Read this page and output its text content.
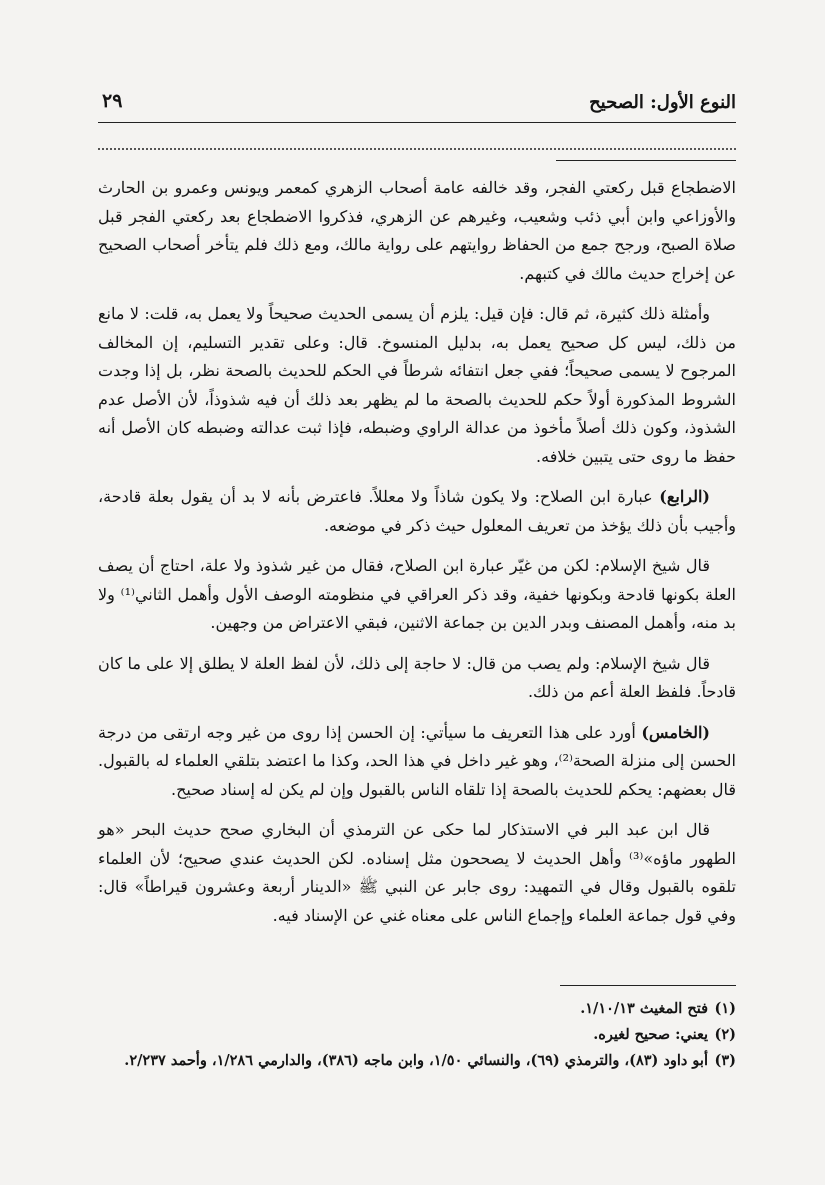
النوع الأول: الصحيح
٢٩

الاضطجاع قبل ركعتي الفجر، وقد خالفه عامة أصحاب الزهري كمعمر ويونس وعمرو بن الحارث والأوزاعي وابن أبي ذئب وشعيب، وغيرهم عن الزهري، فذكروا الاضطجاع بعد ركعتي الفجر قبل صلاة الصبح، ورجح جمع من الحفاظ روايتهم على رواية مالك، ومع ذلك فلم يتأخر أصحاب الصحيح عن إخراج حديث مالك في كتبهم.

وأمثلة ذلك كثيرة، ثم قال: فإن قيل: يلزم أن يسمى الحديث صحيحاً ولا يعمل به، قلت: لا مانع من ذلك، ليس كل صحيح يعمل به، بدليل المنسوخ. قال: وعلى تقدير التسليم، إن المخالف المرجوح لا يسمى صحيحاً؛ ففي جعل انتفائه شرطاً في الحكم للحديث بالصحة نظر، بل إذا وجدت الشروط المذكورة أولاً حكم للحديث بالصحة ما لم يظهر بعد ذلك أن فيه شذوذاً، لأن الأصل عدم الشذوذ، وكون ذلك أصلاً مأخوذ من عدالة الراوي وضبطه، فإذا ثبت عدالته وضبطه كان الأصل أنه حفظ ما روى حتى يتبين خلافه.

(الرابع) عبارة ابن الصلاح: ولا يكون شاذاً ولا معللاً. فاعترض بأنه لا بد أن يقول بعلة قادحة، وأجيب بأن ذلك يؤخذ من تعريف المعلول حيث ذكر في موضعه.

قال شيخ الإسلام: لكن من غيّر عبارة ابن الصلاح، فقال من غير شذوذ ولا علة، احتاج أن يصف العلة بكونها قادحة وبكونها خفية، وقد ذكر العراقي في منظومته الوصف الأول وأهمل الثاني⁽¹⁾ ولا بد منه، وأهمل المصنف وبدر الدين بن جماعة الاثنين، فبقي الاعتراض من وجهين.

قال شيخ الإسلام: ولم يصب من قال: لا حاجة إلى ذلك، لأن لفظ العلة لا يطلق إلا على ما كان قادحاً. فلفظ العلة أعم من ذلك.

(الخامس) أورد على هذا التعريف ما سيأتي: إن الحسن إذا روى من غير وجه ارتقى من درجة الحسن إلى منزلة الصحة⁽²⁾، وهو غير داخل في هذا الحد، وكذا ما اعتضد بتلقي العلماء له بالقبول. قال بعضهم: يحكم للحديث بالصحة إذا تلقاه الناس بالقبول وإن لم يكن له إسناد صحيح.

قال ابن عبد البر في الاستذكار لما حكى عن الترمذي أن البخاري صحح حديث البحر «هو الطهور ماؤه»⁽³⁾ وأهل الحديث لا يصححون مثل إسناده. لكن الحديث عندي صحيح؛ لأن العلماء تلقوه بالقبول وقال في التمهيد: روى جابر عن النبي ﷺ «الدينار أربعة وعشرون قيراطاً» قال: وفي قول جماعة العلماء وإجماع الناس على معناه غني عن الإسناد فيه.

(١)فتح المغيث ١/١٠/١٣.

(٢)يعني: صحيح لغيره.

(٣)أبو داود (٨٣)، والترمذي (٦٩)، والنسائي ١/٥٠، وابن ماجه (٣٨٦)، والدارمي ١/٢٨٦، وأحمد ٢/٢٣٧.
